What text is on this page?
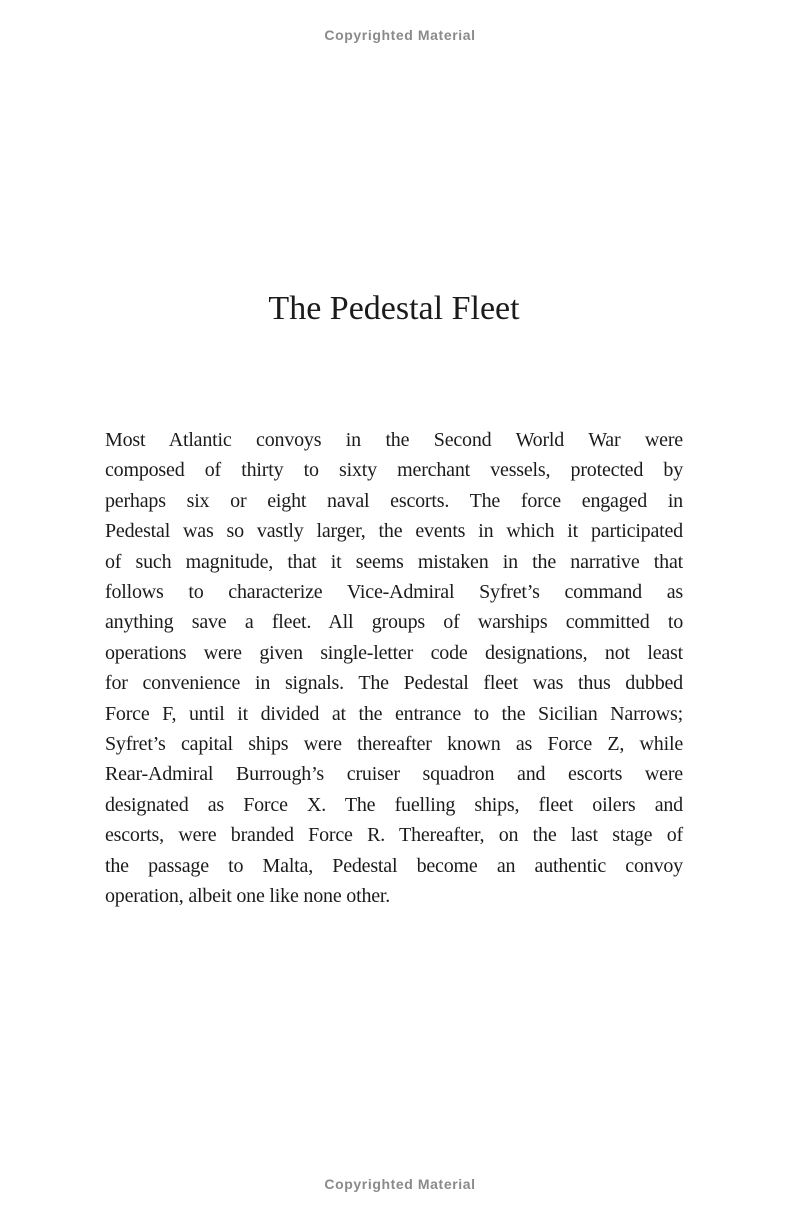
Copyrighted Material
The Pedestal Fleet
Most Atlantic convoys in the Second World War were
composed of thirty to sixty merchant vessels, protected by
perhaps six or eight naval escorts. The force engaged in
Pedestal was so vastly larger, the events in which it participated
of such magnitude, that it seems mistaken in the narrative that
follows to characterize Vice-Admiral Syfret’s command as
anything save a fleet. All groups of warships committed to
operations were given single-letter code designations, not least
for convenience in signals. The Pedestal fleet was thus dubbed
Force F, until it divided at the entrance to the Sicilian Narrows;
Syfret’s capital ships were thereafter known as Force Z, while
Rear-Admiral Burrough’s cruiser squadron and escorts were
designated as Force X. The fuelling ships, fleet oilers and
escorts, were branded Force R. Thereafter, on the last stage of
the passage to Malta, Pedestal become an authentic convoy
operation, albeit one like none other.
Copyrighted Material
